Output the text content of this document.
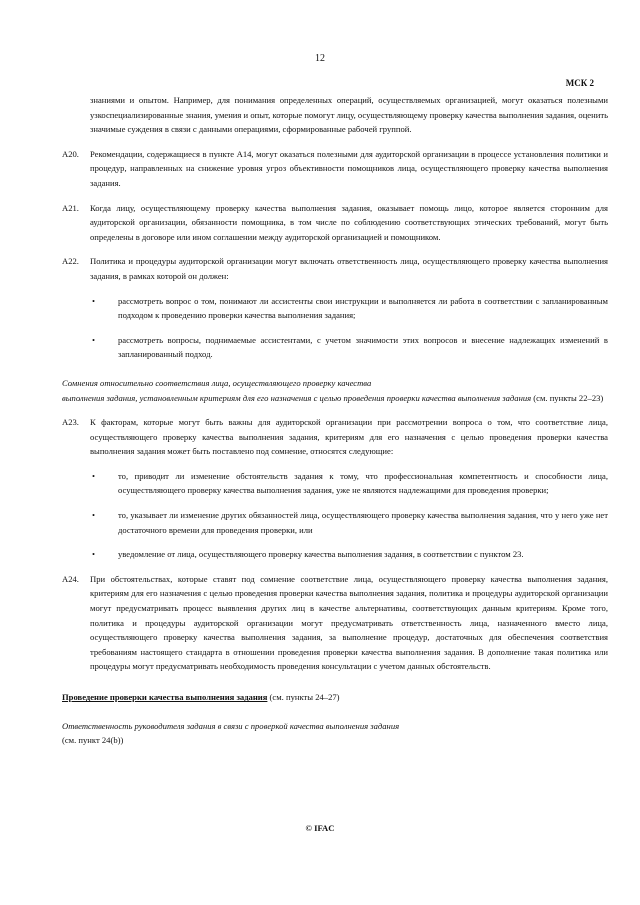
12
МСК 2

знаниями и опытом. Например, для понимания определенных операций, осуществляемых организацией, могут оказаться полезными узкоспециализированные знания, умения и опыт, которые помогут лицу, осуществляющему проверку качества выполнения задания, оценить значимые суждения в связи с данными операциями, сформированные рабочей группой.

A20.	Рекомендации, содержащиеся в пункте A14, могут оказаться полезными для аудиторской организации в процессе установления политики и процедур, направленных на снижение уровня угроз объективности помощников лица, осуществляющего проверку качества выполнения задания.
A21.	Когда лицу, осуществляющему проверку качества выполнения задания, оказывает помощь лицо, которое является сторонним для аудиторской организации, обязанности помощника, в том числе по соблюдению соответствующих этических требований, могут быть определены в договоре или ином соглашении между аудиторской организацией и помощником.
A22.	Политика и процедуры аудиторской организации могут включать ответственность лица, осуществляющего проверку качества выполнения задания, в рамках которой он должен:
•	рассмотреть вопрос о том, понимают ли ассистенты свои инструкции и выполняется ли работа в соответствии с запланированным подходом к проведению проверки качества выполнения задания;
•	рассмотреть вопросы, поднимаемые ассистентами, с учетом значимости этих вопросов и внесение надлежащих изменений в запланированный подход.

Сомнения относительно соответствия лица, осуществляющего проверку качества
выполнения задания, установленным критериям для его назначения с целью проведения проверки качества выполнения задания (см. пункты 22–23)

A23.	К факторам, которые могут быть важны для аудиторской организации при рассмотрении вопроса о том, что соответствие лица, осуществляющего проверку качества выполнения задания, критериям для его назначения с целью проведения проверки качества выполнения задания может быть поставлено под сомнение, относятся следующие:
•	то, приводит ли изменение обстоятельств задания к тому, что профессиональная компетентность и способности лица, осуществляющего проверку качества выполнения задания, уже не являются надлежащими для проведения проверки;
•	то, указывает ли изменение других обязанностей лица, осуществляющего проверку качества выполнения задания, что у него уже нет достаточного времени для проведения проверки, или
•	уведомление от лица, осуществляющего проверку качества выполнения задания, в соответствии с пунктом 23.
A24.	При обстоятельствах, которые ставят под сомнение соответствие лица, осуществляющего проверку качества выполнения задания, критериям для его назначения с целью проведения проверки качества выполнения задания, политика и процедуры аудиторской организации могут предусматривать процесс выявления других лиц в качестве альтернативы, соответствующих данным критериям. Кроме того, политика и процедуры аудиторской организации могут предусматривать ответственность лица, назначенного вместо лица, осуществляющего проверку качества выполнения задания, за выполнение процедур, достаточных для обеспечения соответствия требованиям настоящего стандарта в отношении проведения проверки качества выполнения задания. В дополнение такая политика или процедуры могут предусматривать необходимость проведения консультации с учетом данных обстоятельств.

Проведение проверки качества выполнения задания (см. пункты 24–27)

Ответственность руководителя задания в связи с проверкой качества выполнения задания
(см. пункт 24(b))

© IFAC
